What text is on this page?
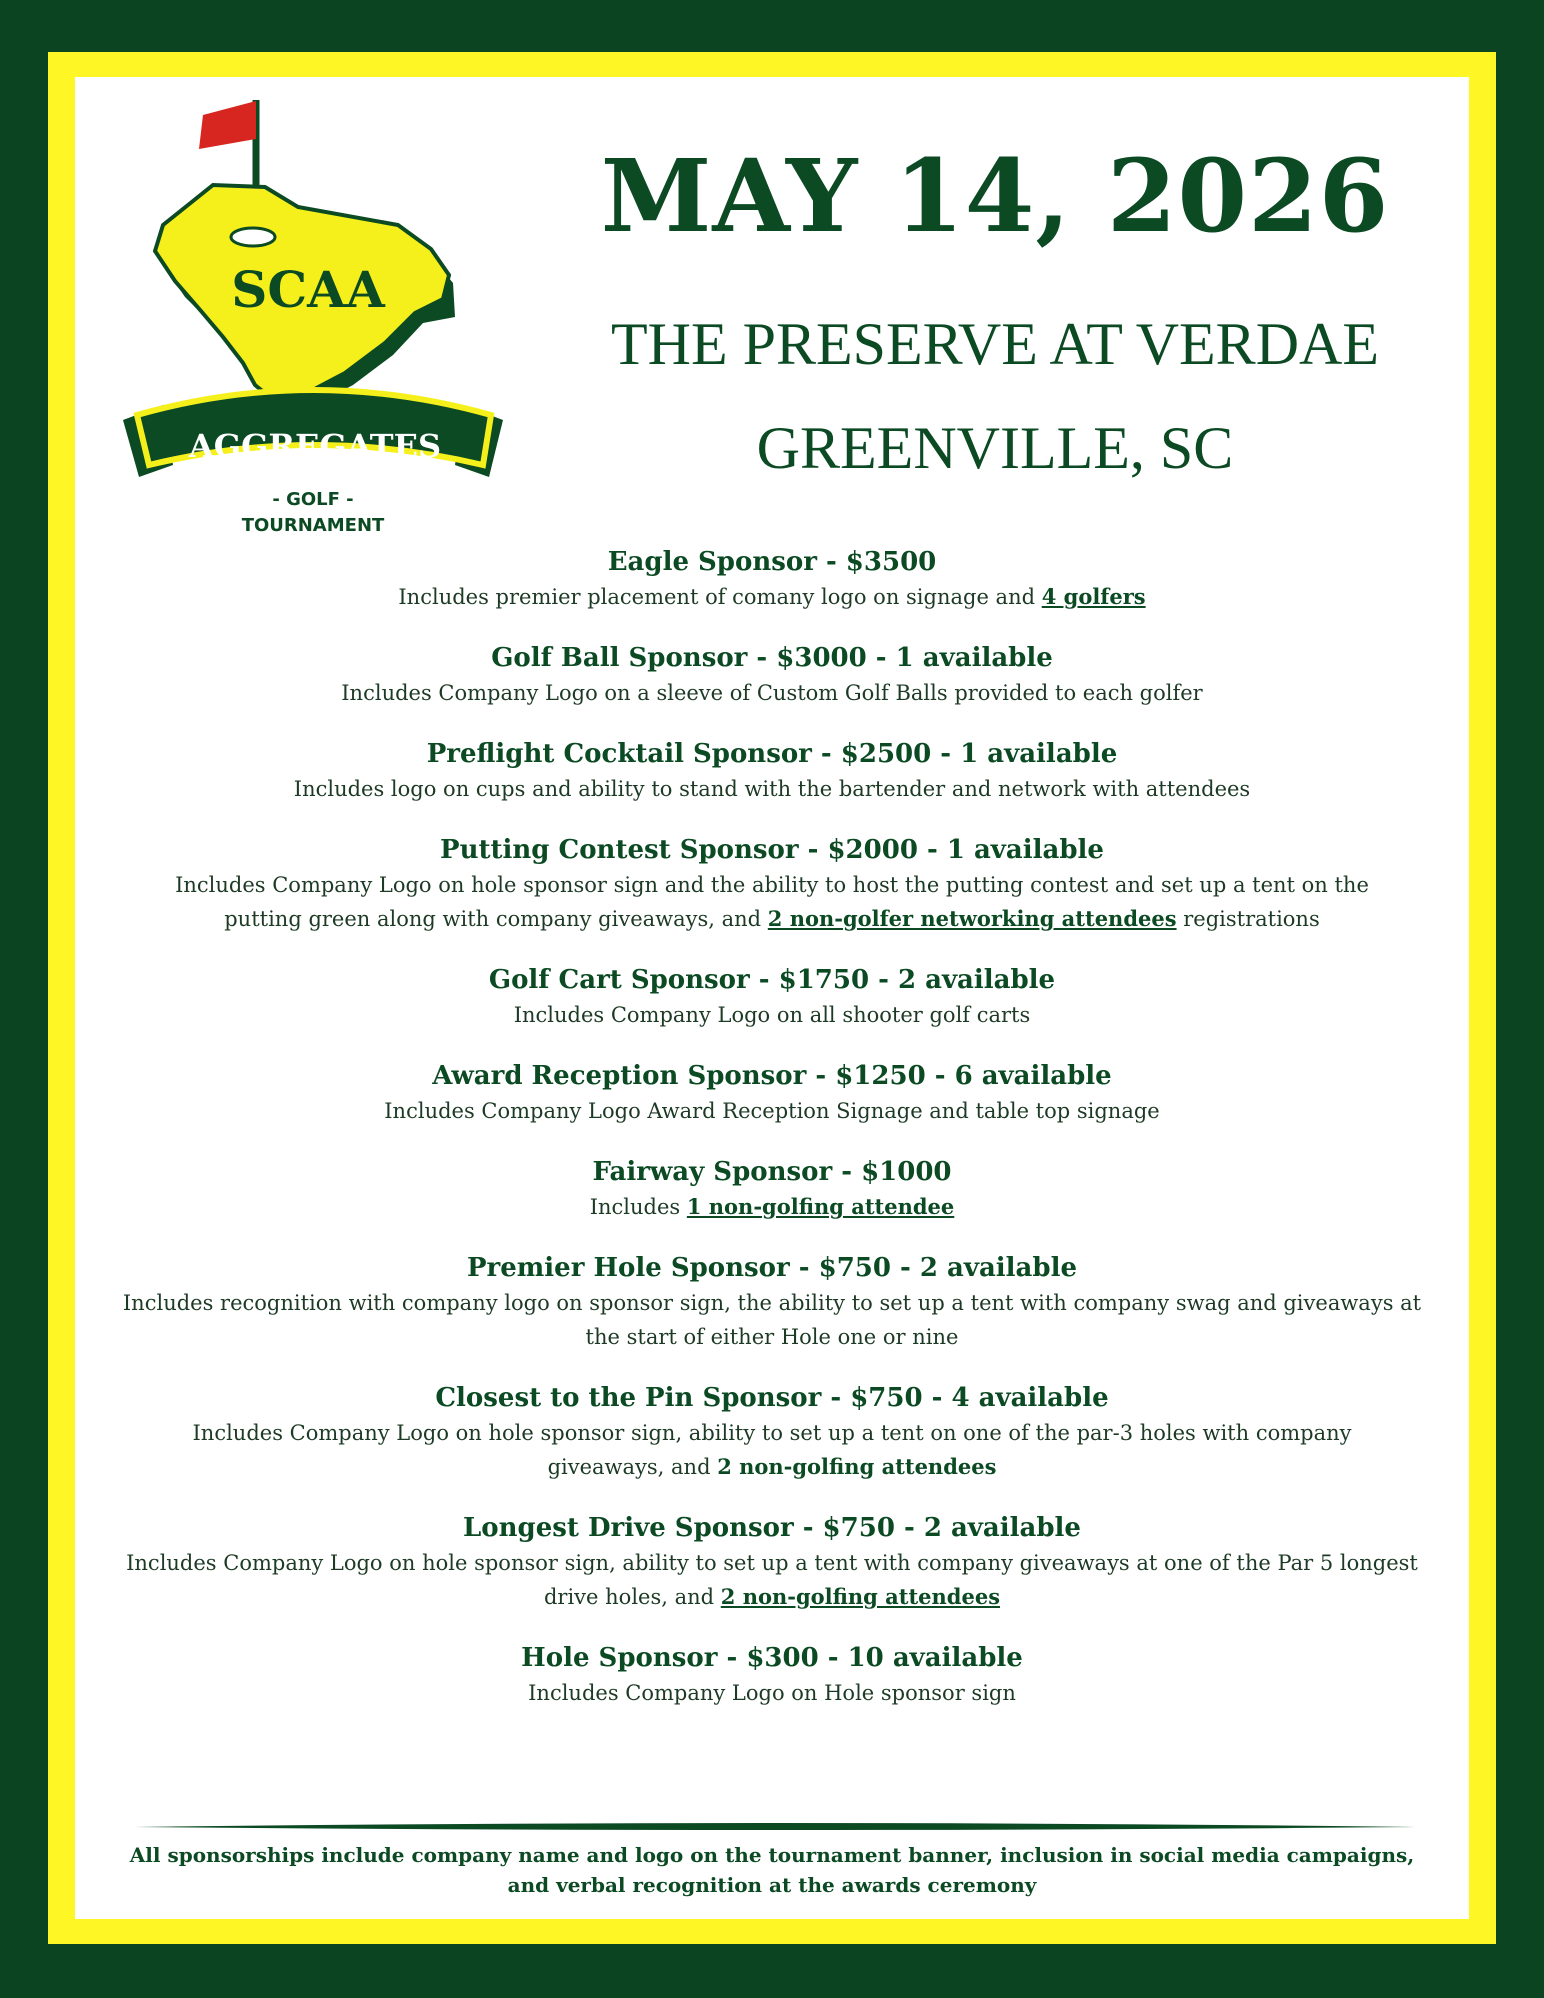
SCAA
AGGREGATES
- GOLF -
TOURNAMENT
MAY 14, 2026
THE PRESERVE AT VERDAE
GREENVILLE, SC
Eagle Sponsor - $3500
Includes premier placement of comany logo on signage and 4 golfers
Golf Ball Sponsor - $3000 - 1 available
Includes Company Logo on a sleeve of Custom Golf Balls provided to each golfer
Preflight Cocktail Sponsor - $2500 - 1 available
Includes logo on cups and ability to stand with the bartender and network with attendees
Putting Contest Sponsor - $2000 - 1 available
Includes Company Logo on hole sponsor sign and the ability to host the putting contest and set up a tent on the putting green along with company giveaways, and 2 non-golfer networking attendees registrations
Golf Cart Sponsor - $1750 - 2 available
Includes Company Logo on all shooter golf carts
Award Reception Sponsor - $1250 - 6 available
Includes Company Logo Award Reception Signage and table top signage
Fairway Sponsor - $1000
Includes 1 non-golfing attendee
Premier Hole Sponsor - $750 - 2 available
Includes recognition with company logo on sponsor sign, the ability to set up a tent with company swag and giveaways at the start of either Hole one or nine
Closest to the Pin Sponsor - $750 - 4 available
Includes Company Logo on hole sponsor sign, ability to set up a tent on one of the par-3 holes with company giveaways, and 2 non-golfing attendees
Longest Drive Sponsor - $750 - 2 available
Includes Company Logo on hole sponsor sign, ability to set up a tent with company giveaways at one of the Par 5 longest drive holes, and 2 non-golfing attendees
Hole Sponsor - $300 - 10 available
Includes Company Logo on Hole sponsor sign
All sponsorships include company name and logo on the tournament banner, inclusion in social media campaigns,
and verbal recognition at the awards ceremony
